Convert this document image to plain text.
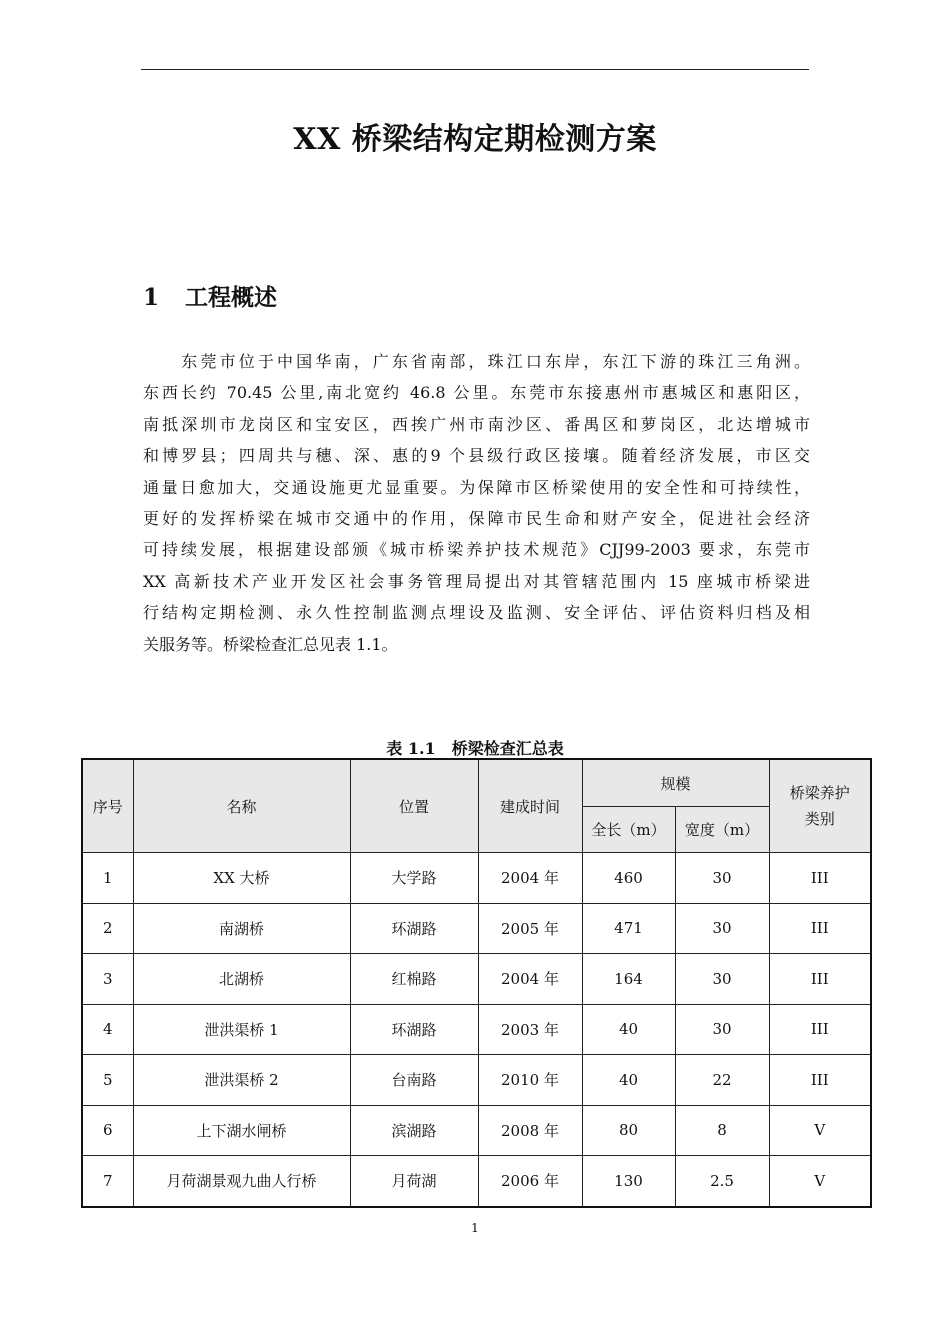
XX 桥梁结构定期检测方案
1 工程概述
　　东莞市位于中国华南，广东省南部，珠江口东岸，东江下游的珠江三角洲。
东西长约 70.45 公里,南北宽约 46.8 公里。东莞市东接惠州市惠城区和惠阳区，
南抵深圳市龙岗区和宝安区，西挨广州市南沙区、番禺区和萝岗区，北达增城市
和博罗县；四周共与穗、深、惠的9 个县级行政区接壤。随着经济发展，市区交
通量日愈加大，交通设施更尤显重要。为保障市区桥梁使用的安全性和可持续性，
更好的发挥桥梁在城市交通中的作用，保障市民生命和财产安全，促进社会经济
可持续发展，根据建设部颁《城市桥梁养护技术规范》CJJ99-2003 要求，东莞市
XX 高新技术产业开发区社会事务管理局提出对其管辖范围内 15 座城市桥梁进
行结构定期检测、永久性控制监测点埋设及监测、安全评估、评估资料归档及相
关服务等。桥梁检查汇总见表 1.1。
表 1.1　桥梁检查汇总表
序号	名称	位置	建成时间	规模		桥梁养护类别
				全长（m）	宽度（m）	
1	XX 大桥	大学路	2004 年	460	30	III
2	南湖桥	环湖路	2005 年	471	30	III
3	北湖桥	红棉路	2004 年	164	30	III
4	泄洪渠桥 1	环湖路	2003 年	40	30	III
5	泄洪渠桥 2	台南路	2010 年	40	22	III
6	上下湖水闸桥	滨湖路	2008 年	80	8	V
7	月荷湖景观九曲人行桥	月荷湖	2006 年	130	2.5	V
1
